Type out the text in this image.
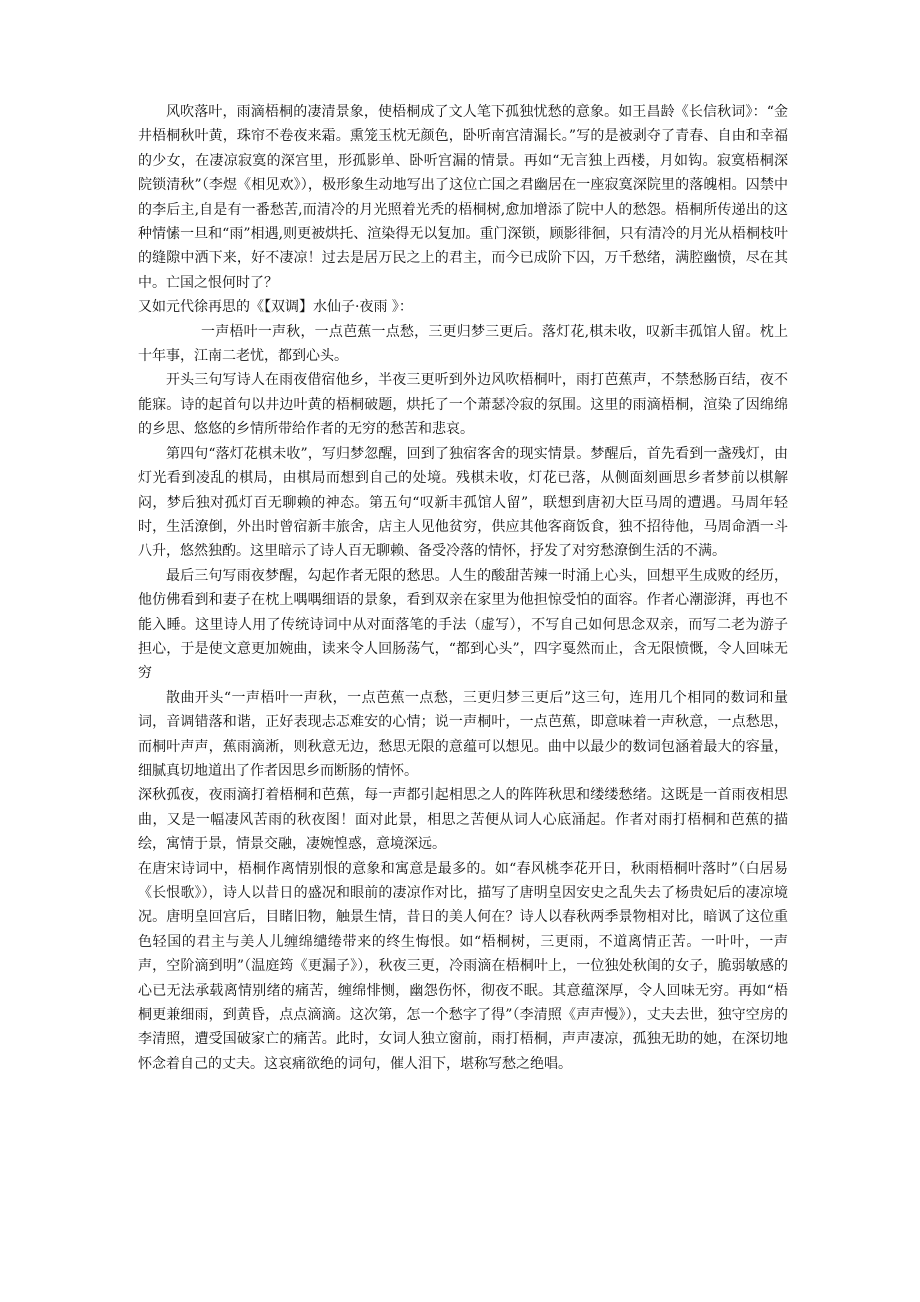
风吹落叶，雨滴梧桐的凄清景象，使梧桐成了文人笔下孤独忧愁的意象。如王昌龄《长信秋词》：“金井梧桐秋叶黄，珠帘不卷夜来霜。熏笼玉枕无颜色，卧听南宫清漏长。”写的是被剥夺了青春、自由和幸福的少女，在凄凉寂寞的深宫里，形孤影单、卧听宫漏的情景。再如“无言独上西楼，月如钩。寂寞梧桐深院锁清秋”（李煜《相见欢》），极形象生动地写出了这位亡国之君幽居在一座寂寞深院里的落魄相。囚禁中的李后主,自是有一番愁苦,而清冷的月光照着光秃的梧桐树,愈加增添了院中人的愁怨。梧桐所传递出的这种情愫一旦和“雨”相遇,则更被烘托、渲染得无以复加。重门深锁，顾影徘徊，只有清冷的月光从梧桐枝叶的缝隙中洒下来，好不凄凉！过去是居万民之上的君主，而今已成阶下囚，万千愁绪，满腔幽愤，尽在其中。亡国之恨何时了？

又如元代徐再思的《【双调】水仙子·夜雨 》：

一声梧叶一声秋，一点芭蕉一点愁，三更归梦三更后。落灯花,棋未收，叹新丰孤馆人留。枕上十年事，江南二老忧，都到心头。

开头三句写诗人在雨夜借宿他乡，半夜三更听到外边风吹梧桐叶，雨打芭蕉声，不禁愁肠百结，夜不能寐。诗的起首句以井边叶黄的梧桐破题，烘托了一个萧瑟冷寂的氛围。这里的雨滴梧桐，渲染了因绵绵的乡思、悠悠的乡情所带给作者的无穷的愁苦和悲哀。

第四句“落灯花棋未收”，写归梦忽醒，回到了独宿客舍的现实情景。梦醒后，首先看到一盏残灯，由灯光看到凌乱的棋局，由棋局而想到自己的处境。残棋未收，灯花已落，从侧面刻画思乡者梦前以棋解闷，梦后独对孤灯百无聊赖的神态。第五句“叹新丰孤馆人留”，联想到唐初大臣马周的遭遇。马周年轻时，生活潦倒，外出时曾宿新丰旅舍，店主人见他贫穷，供应其他客商饭食，独不招待他，马周命酒一斗八升，悠然独酌。这里暗示了诗人百无聊赖、备受冷落的情怀，抒发了对穷愁潦倒生活的不满。

最后三句写雨夜梦醒，勾起作者无限的愁思。人生的酸甜苦辣一时涌上心头，回想平生成败的经历，他仿佛看到和妻子在枕上喁喁细语的景象，看到双亲在家里为他担惊受怕的面容。作者心潮澎湃，再也不能入睡。这里诗人用了传统诗词中从对面落笔的手法（虚写），不写自己如何思念双亲，而写二老为游子担心，于是使文意更加婉曲，读来令人回肠荡气，“都到心头”，四字戛然而止，含无限愤慨，令人回味无穷

散曲开头“一声梧叶一声秋，一点芭蕉一点愁，三更归梦三更后”这三句，连用几个相同的数词和量词，音调错落和谐，正好表现忐忑难安的心情；说一声桐叶，一点芭蕉，即意味着一声秋意，一点愁思，而桐叶声声，蕉雨滴淅，则秋意无边，愁思无限的意蕴可以想见。曲中以最少的数词包涵着最大的容量，细腻真切地道出了作者因思乡而断肠的情怀。

深秋孤夜，夜雨滴打着梧桐和芭蕉，每一声都引起相思之人的阵阵秋思和缕缕愁绪。这既是一首雨夜相思曲，又是一幅凄风苦雨的秋夜图！面对此景，相思之苦便从词人心底涌起。作者对雨打梧桐和芭蕉的描绘，寓情于景，情景交融，凄婉惶惑，意境深远。

在唐宋诗词中，梧桐作离情别恨的意象和寓意是最多的。如“春风桃李花开日，秋雨梧桐叶落时”（白居易《长恨歌》），诗人以昔日的盛况和眼前的凄凉作对比，描写了唐明皇因安史之乱失去了杨贵妃后的凄凉境况。唐明皇回宫后，目睹旧物，触景生情，昔日的美人何在？诗人以春秋两季景物相对比，暗讽了这位重色轻国的君主与美人儿缠绵缱绻带来的终生悔恨。如“梧桐树，三更雨，不道离情正苦。一叶叶，一声声，空阶滴到明”（温庭筠《更漏子》），秋夜三更，冷雨滴在梧桐叶上，一位独处秋闺的女子，脆弱敏感的心已无法承载离情别绪的痛苦，缠绵悱恻，幽怨伤怀，彻夜不眠。其意蕴深厚，令人回味无穷。再如“梧桐更兼细雨，到黄昏，点点滴滴。这次第，怎一个愁字了得”（李清照《声声慢》），丈夫去世，独守空房的李清照，遭受国破家亡的痛苦。此时，女词人独立窗前，雨打梧桐，声声凄凉，孤独无助的她，在深切地怀念着自己的丈夫。这哀痛欲绝的词句，催人泪下，堪称写愁之绝唱。
